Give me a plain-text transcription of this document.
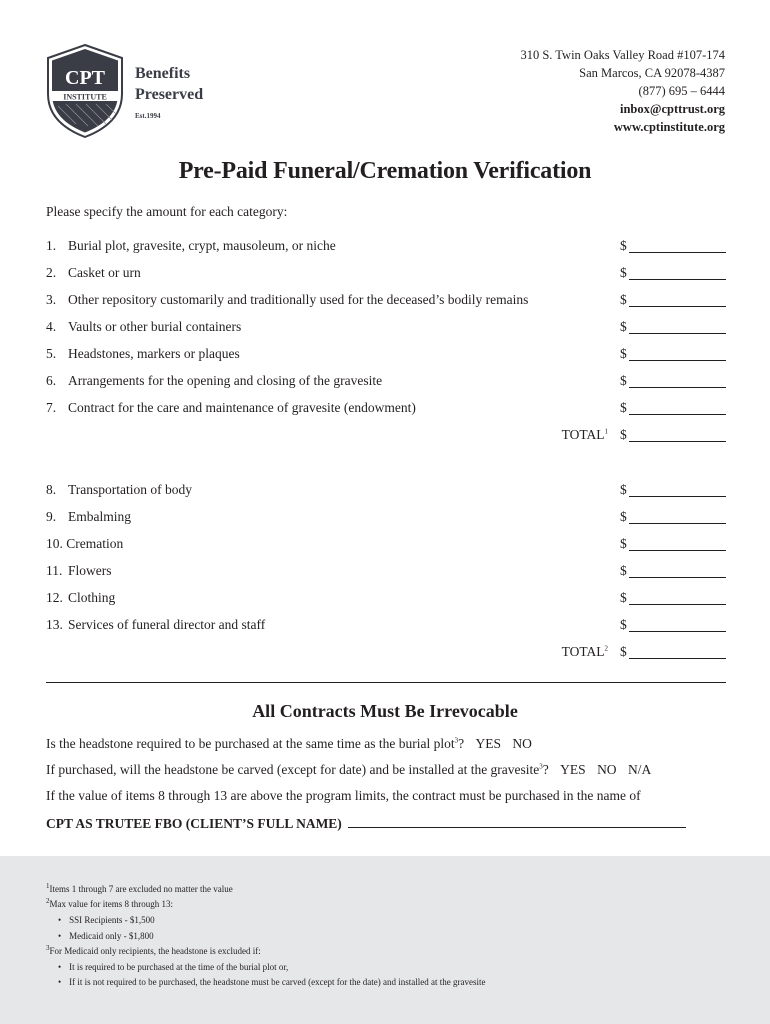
CPT
INSTITUTE
Benefits
Preserved
Est.1994
310 S. Twin Oaks Valley Road #107-174
San Marcos, CA 92078-4387
(877) 695 – 6444
inbox@cpttrust.org
www.cptinstitute.org
Pre-Paid Funeral/Cremation Verification
Please specify the amount for each category:
1. Burial plot, gravesite, crypt, mausoleum, or niche	$
2. Casket or urn	$
3. Other repository customarily and traditionally used for the deceased’s bodily remains	$
4. Vaults or other burial containers	$
5. Headstones, markers or plaques	$
6. Arrangements for the opening and closing of the gravesite	$
7. Contract for the care and maintenance of gravesite (endowment)	$
TOTAL$^1$ $
8. Transportation of body	$
9. Embalming	$
10. Cremation	$
11. Flowers	$
12. Clothing	$
13. Services of funeral director and staff	$
TOTAL$^2$ $
All Contracts Must Be Irrevocable
Is the headstone required to be purchased at the same time as the burial plot$^3$? YES NO
If purchased, will the headstone be carved (except for date) and be installed at the gravesite$^3$? YES NO N/A
If the value of items 8 through 13 are above the program limits, the contract must be purchased in the name of
CPT AS TRUTEE FBO (CLIENT’S FULL NAME)
$^1$Items 1 through 7 are excluded no matter the value
$^2$Max value for items 8 through 13:
• SSI Recipients - $1,500
• Medicaid only - $1,800
$^3$For Medicaid only recipients, the headstone is excluded if:
• It is required to be purchased at the time of the burial plot or,
• If it is not required to be purchased, the headstone must be carved (except for the date) and installed at the gravesite
